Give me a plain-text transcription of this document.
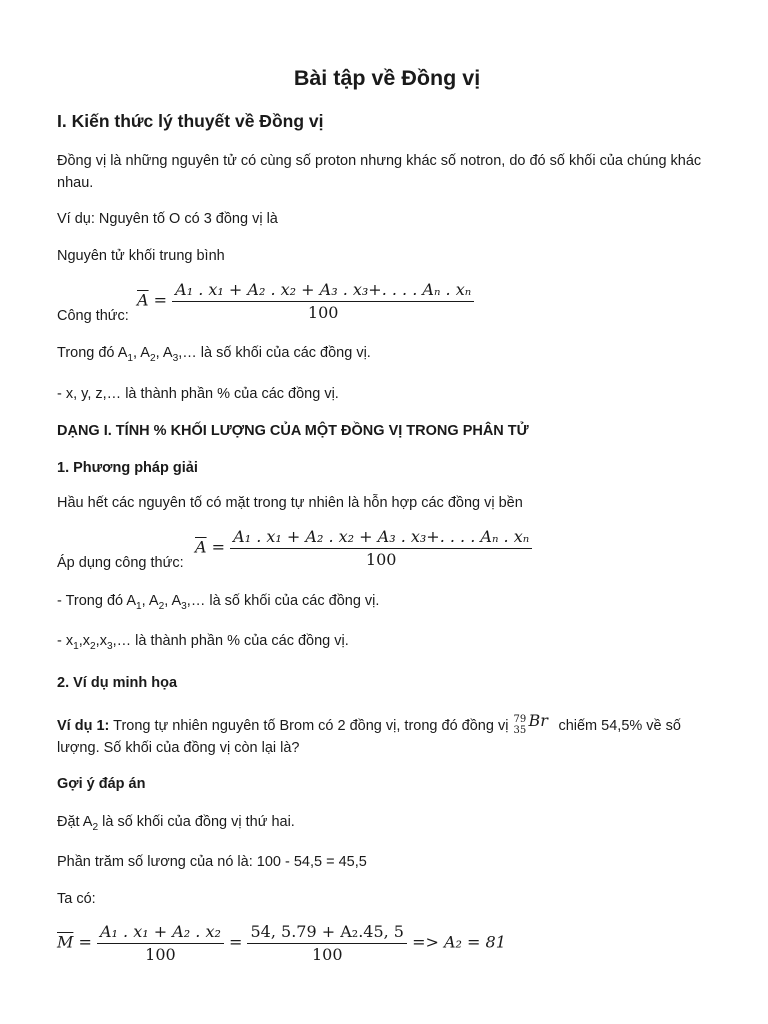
Bài tập về Đồng vị
I. Kiến thức lý thuyết về Đồng vị

Đồng vị là những nguyên tử có cùng số proton nhưng khác số notron, do đó số khối của chúng khác nhau.

Ví dụ: Nguyên tố O có 3 đồng vị là

Nguyên tử khối trung bình

Công thức:

$\overline{A} = \frac{\text{A₁ . x₁ + A₂ . x₂ + A₃ . x₃+. . . . Aₙ . xₙ}}{100}$

Trong đó $A_1$, $A_2$, $A_3,\dots$ là số khối của các đồng vị.

- x, y, z,… là thành phần % của các đồng vị.

DẠNG I. TÍNH % KHỐI LƯỢNG CỦA MỘT ĐỒNG VỊ TRONG PHÂN TỬ

1. Phương pháp giải

Hầu hết các nguyên tố có mặt trong tự nhiên là hỗn hợp các đồng vị bền

Áp dụng công thức:

$\overline{A} = \frac{\text{A₁ . x₁ + A₂ . x₂ + A₃ . x₃+. . . . Aₙ . xₙ}}{100}$

- Trong đó $A_1$, $A_2$, $A_3,\dots$ là số khối của các đồng vị.

- $x_1,x_2,x_3,\dots$ là thành phần % của các đồng vị.

2. Ví dụ minh họa

Ví dụ 1: Trong tự nhiên nguyên tố Brom có 2 đồng vị, trong đó đồng vị 79
35
Br chiếm 54,5% về số
lượng. Số khối của đồng vị còn lại là?

Gợi ý đáp án

Đặt $A_2$ là số khối của đồng vị thứ hai.

Phần trăm số lương của nó là: 100 - 54,5 = 45,5

Ta có:

$\overline{M} = \frac{\text{A₁ . x₁ + A₂ . x₂}}{100} = \frac{\text{54, 5.79 + A₂.45, 5}}{100} => A_2 = 81$
